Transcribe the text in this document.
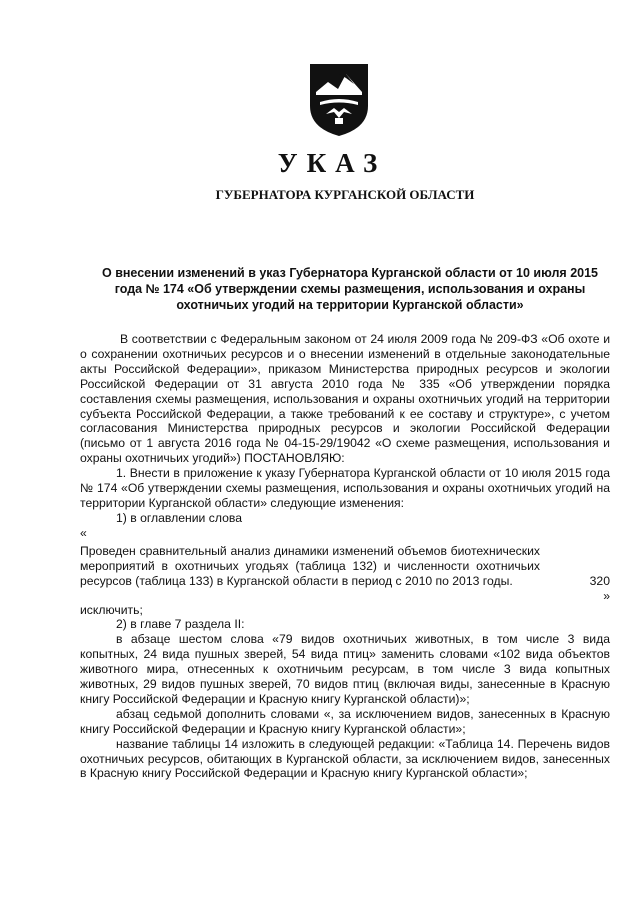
УКАЗ
ГУБЕРНАТОРА КУРГАНСКОЙ ОБЛАСТИ
О внесении изменений в указ Губернатора Курганской области от 10 июля 2015
года № 174 «Об утверждении схемы размещения, использования и охраны
охотничьих угодий на территории Курганской области»

В соответствии с Федеральным законом от 24 июля 2009 года № 209-ФЗ «Об охоте и о сохранении охотничьих ресурсов и о внесении изменений в отдельные законодательные акты Российской Федерации», приказом Министерства природных ресурсов и экологии Российской Федерации от 31 августа 2010 года № 335 «Об утверждении порядка составления схемы размещения, использования и охраны охотничьих угодий на территории субъекта Российской Федерации, а также требований к ее составу и структуре», с учетом согласования Министерства природных ресурсов и экологии Российской Федерации (письмо от 1 августа 2016 года № 04-15-29/19042 «О схеме размещения, использования и охраны охотничьих угодий») ПОСТАНОВЛЯЮ:

1. Внести в приложение к указу Губернатора Курганской области от 10 июля 2015 года № 174 «Об утверждении схемы размещения, использования и охраны охотничьих угодий на территории Курганской области» следующие изменения:

1) в оглавлении слова

«
Проведен сравнительный анализ динамики изменений объемов биотехнических мероприятий в охотничьих угодьях (таблица 132) и численности охотничьих ресурсов (таблица 133) в Курганской области в период с 2010 по 2013 годы.	320
»

исключить;

2) в главе 7 раздела II:

в абзаце шестом слова «79 видов охотничьих животных, в том числе 3 вида копытных, 24 вида пушных зверей, 54 вида птиц» заменить словами «102 вида объектов животного мира, отнесенных к охотничьим ресурсам, в том числе 3 вида копытных животных, 29 видов пушных зверей, 70 видов птиц (включая виды, занесенные в Красную книгу Российской Федерации и Красную книгу Курганской области)»;

абзац седьмой дополнить словами «, за исключением видов, занесенных в Красную книгу Российской Федерации и Красную книгу Курганской области»;

название таблицы 14 изложить в следующей редакции: «Таблица 14. Перечень видов охотничьих ресурсов, обитающих в Курганской области, за исключением видов, занесенных в Красную книгу Российской Федерации и Красную книгу Курганской области»;
